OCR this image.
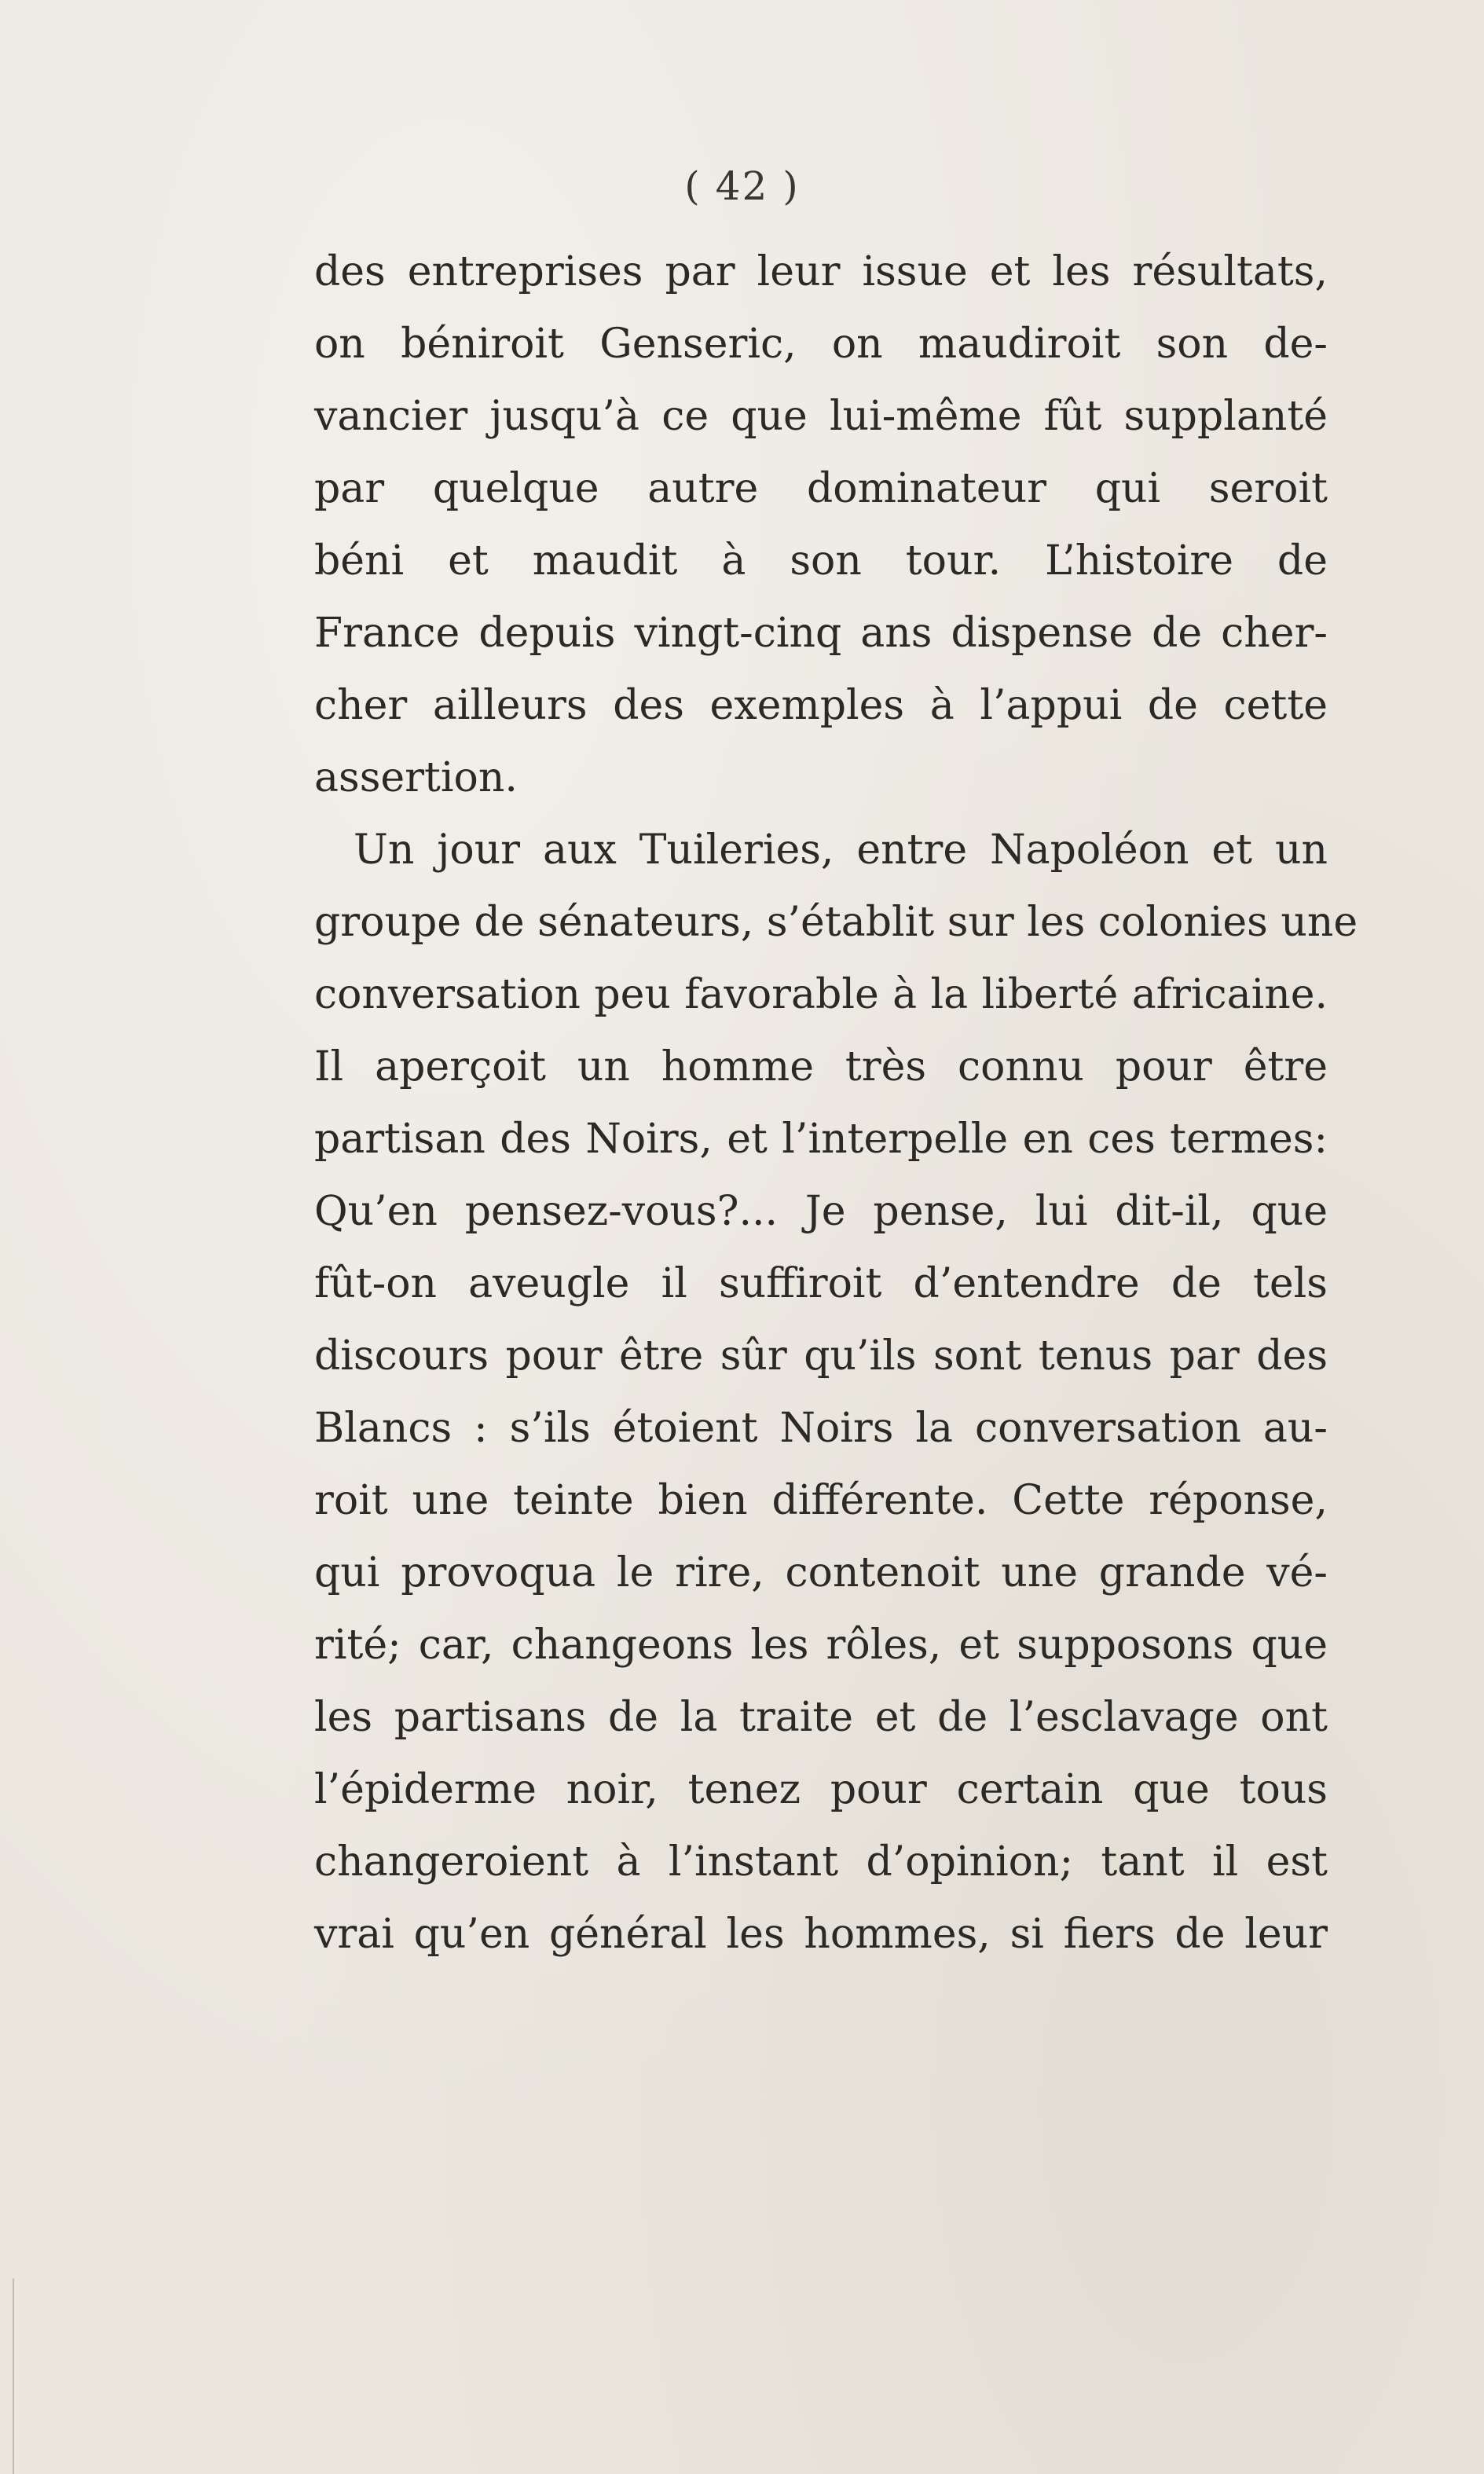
( 42 )
des entreprises par leur issue et les résultats,
on béniroit Genseric, on maudiroit son de-
vancier jusqu’à ce que lui-même fût supplanté
par quelque autre dominateur qui seroit
béni et maudit à son tour. L’histoire de
France depuis vingt-cinq ans dispense de cher-
cher ailleurs des exemples à l’appui de cette
assertion.
Un jour aux Tuileries, entre Napoléon et un
groupe de sénateurs, s’établit sur les colonies une
conversation peu favorable à la liberté africaine.
Il aperçoit un homme très connu pour être
partisan des Noirs, et l’interpelle en ces termes:
Qu’en pensez-vous?... Je pense, lui dit-il, que
fût-on aveugle il suffiroit d’entendre de tels
discours pour être sûr qu’ils sont tenus par des
Blancs : s’ils étoient Noirs la conversation au-
roit une teinte bien différente. Cette réponse,
qui provoqua le rire, contenoit une grande vé-
rité; car, changeons les rôles, et supposons que
les partisans de la traite et de l’esclavage ont
l’épiderme noir, tenez pour certain que tous
changeroient à l’instant d’opinion; tant il est
vrai qu’en général les hommes, si fiers de leur
